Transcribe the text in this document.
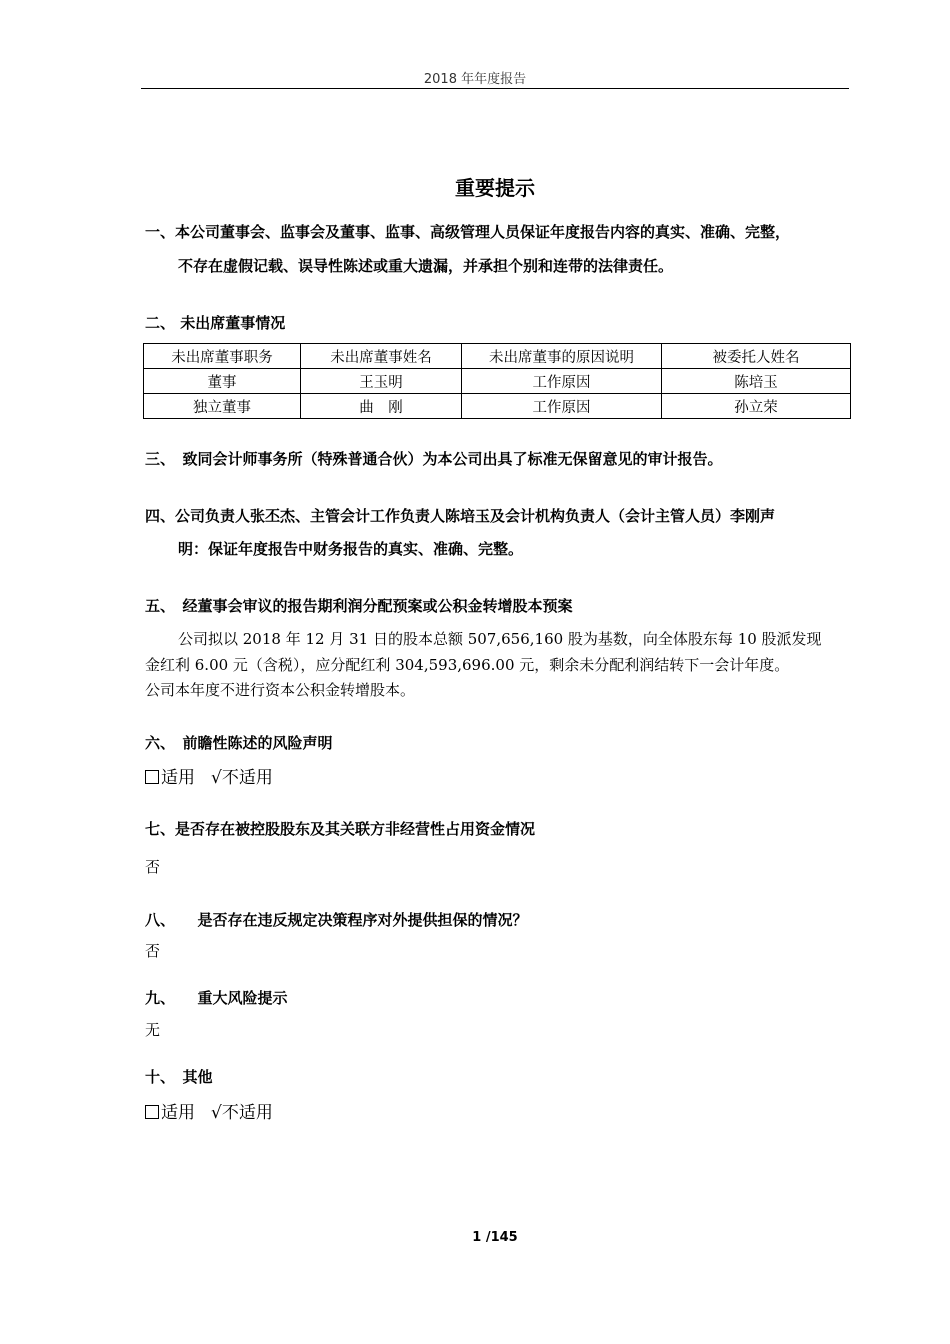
2018 年年度报告
重要提示
一、本公司董事会、监事会及董事、监事、高级管理人员保证年度报告内容的真实、准确、完整，
不存在虚假记载、误导性陈述或重大遗漏，并承担个别和连带的法律责任。
二、 未出席董事情况
未出席董事职务	未出席董事姓名	未出席董事的原因说明	被委托人姓名
董事	王玉明	工作原因	陈培玉
独立董事	曲　刚	工作原因	孙立荣
三、　致同会计师事务所（特殊普通合伙）为本公司出具了标准无保留意见的审计报告。
四、公司负责人张丕杰、主管会计工作负责人陈培玉及会计机构负责人（会计主管人员）李刚声
明：保证年度报告中财务报告的真实、准确、完整。
五、　经董事会审议的报告期利润分配预案或公积金转增股本预案
公司拟以 2018 年 12 月 31 日的股本总额 507,656,160 股为基数，向全体股东每 10 股派发现
金红利 6.00 元（含税），应分配红利 304,593,696.00 元，剩余未分配利润结转下一会计年度。
公司本年度不进行资本公积金转增股本。
六、　前瞻性陈述的风险声明
适用 √不适用
七、是否存在被控股股东及其关联方非经营性占用资金情况
否
八、　　是否存在违反规定决策程序对外提供担保的情况？
否
九、　　重大风险提示
无
十、　其他
适用 √不适用
1 /145
